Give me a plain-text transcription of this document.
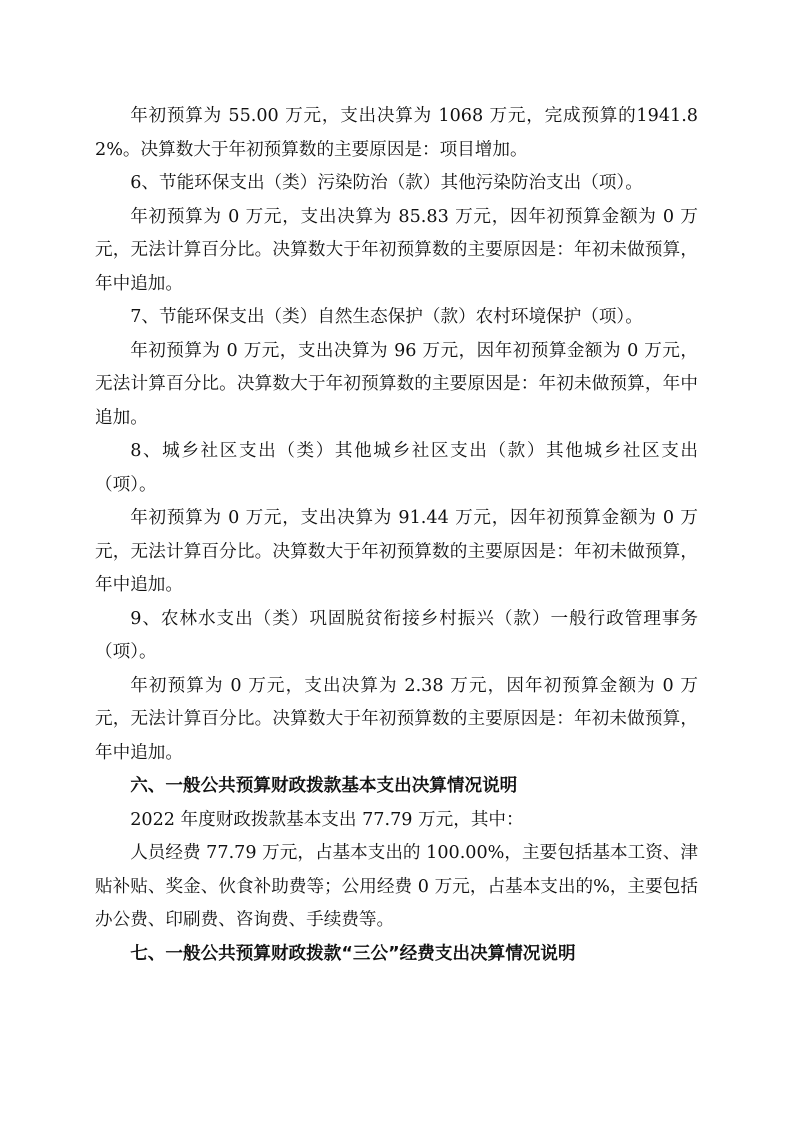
年初预算为 55.00 万元，支出决算为 1068 万元，完成预算的1941.82%。决算数大于年初预算数的主要原因是：项目增加。

6、节能环保支出（类）污染防治（款）其他污染防治支出（项）。

年初预算为 0 万元，支出决算为 85.83 万元，因年初预算金额为 0 万元，无法计算百分比。决算数大于年初预算数的主要原因是：年初未做预算，年中追加。

7、节能环保支出（类）自然生态保护（款）农村环境保护（项）。

年初预算为 0 万元，支出决算为 96 万元，因年初预算金额为 0 万元，无法计算百分比。决算数大于年初预算数的主要原因是：年初未做预算，年中追加。

8、城乡社区支出（类）其他城乡社区支出（款）其他城乡社区支出（项）。

年初预算为 0 万元，支出决算为 91.44 万元，因年初预算金额为 0 万元，无法计算百分比。决算数大于年初预算数的主要原因是：年初未做预算，年中追加。

9、农林水支出（类）巩固脱贫衔接乡村振兴（款）一般行政管理事务（项）。

年初预算为 0 万元，支出决算为 2.38 万元，因年初预算金额为 0 万元，无法计算百分比。决算数大于年初预算数的主要原因是：年初未做预算，年中追加。

六、一般公共预算财政拨款基本支出决算情况说明

2022 年度财政拨款基本支出 77.79 万元，其中：

人员经费 77.79 万元，占基本支出的 100.00%，主要包括基本工资、津贴补贴、奖金、伙食补助费等；公用经费 0 万元，占基本支出的%，主要包括办公费、印刷费、咨询费、手续费等。

七、一般公共预算财政拨款“三公”经费支出决算情况说明
